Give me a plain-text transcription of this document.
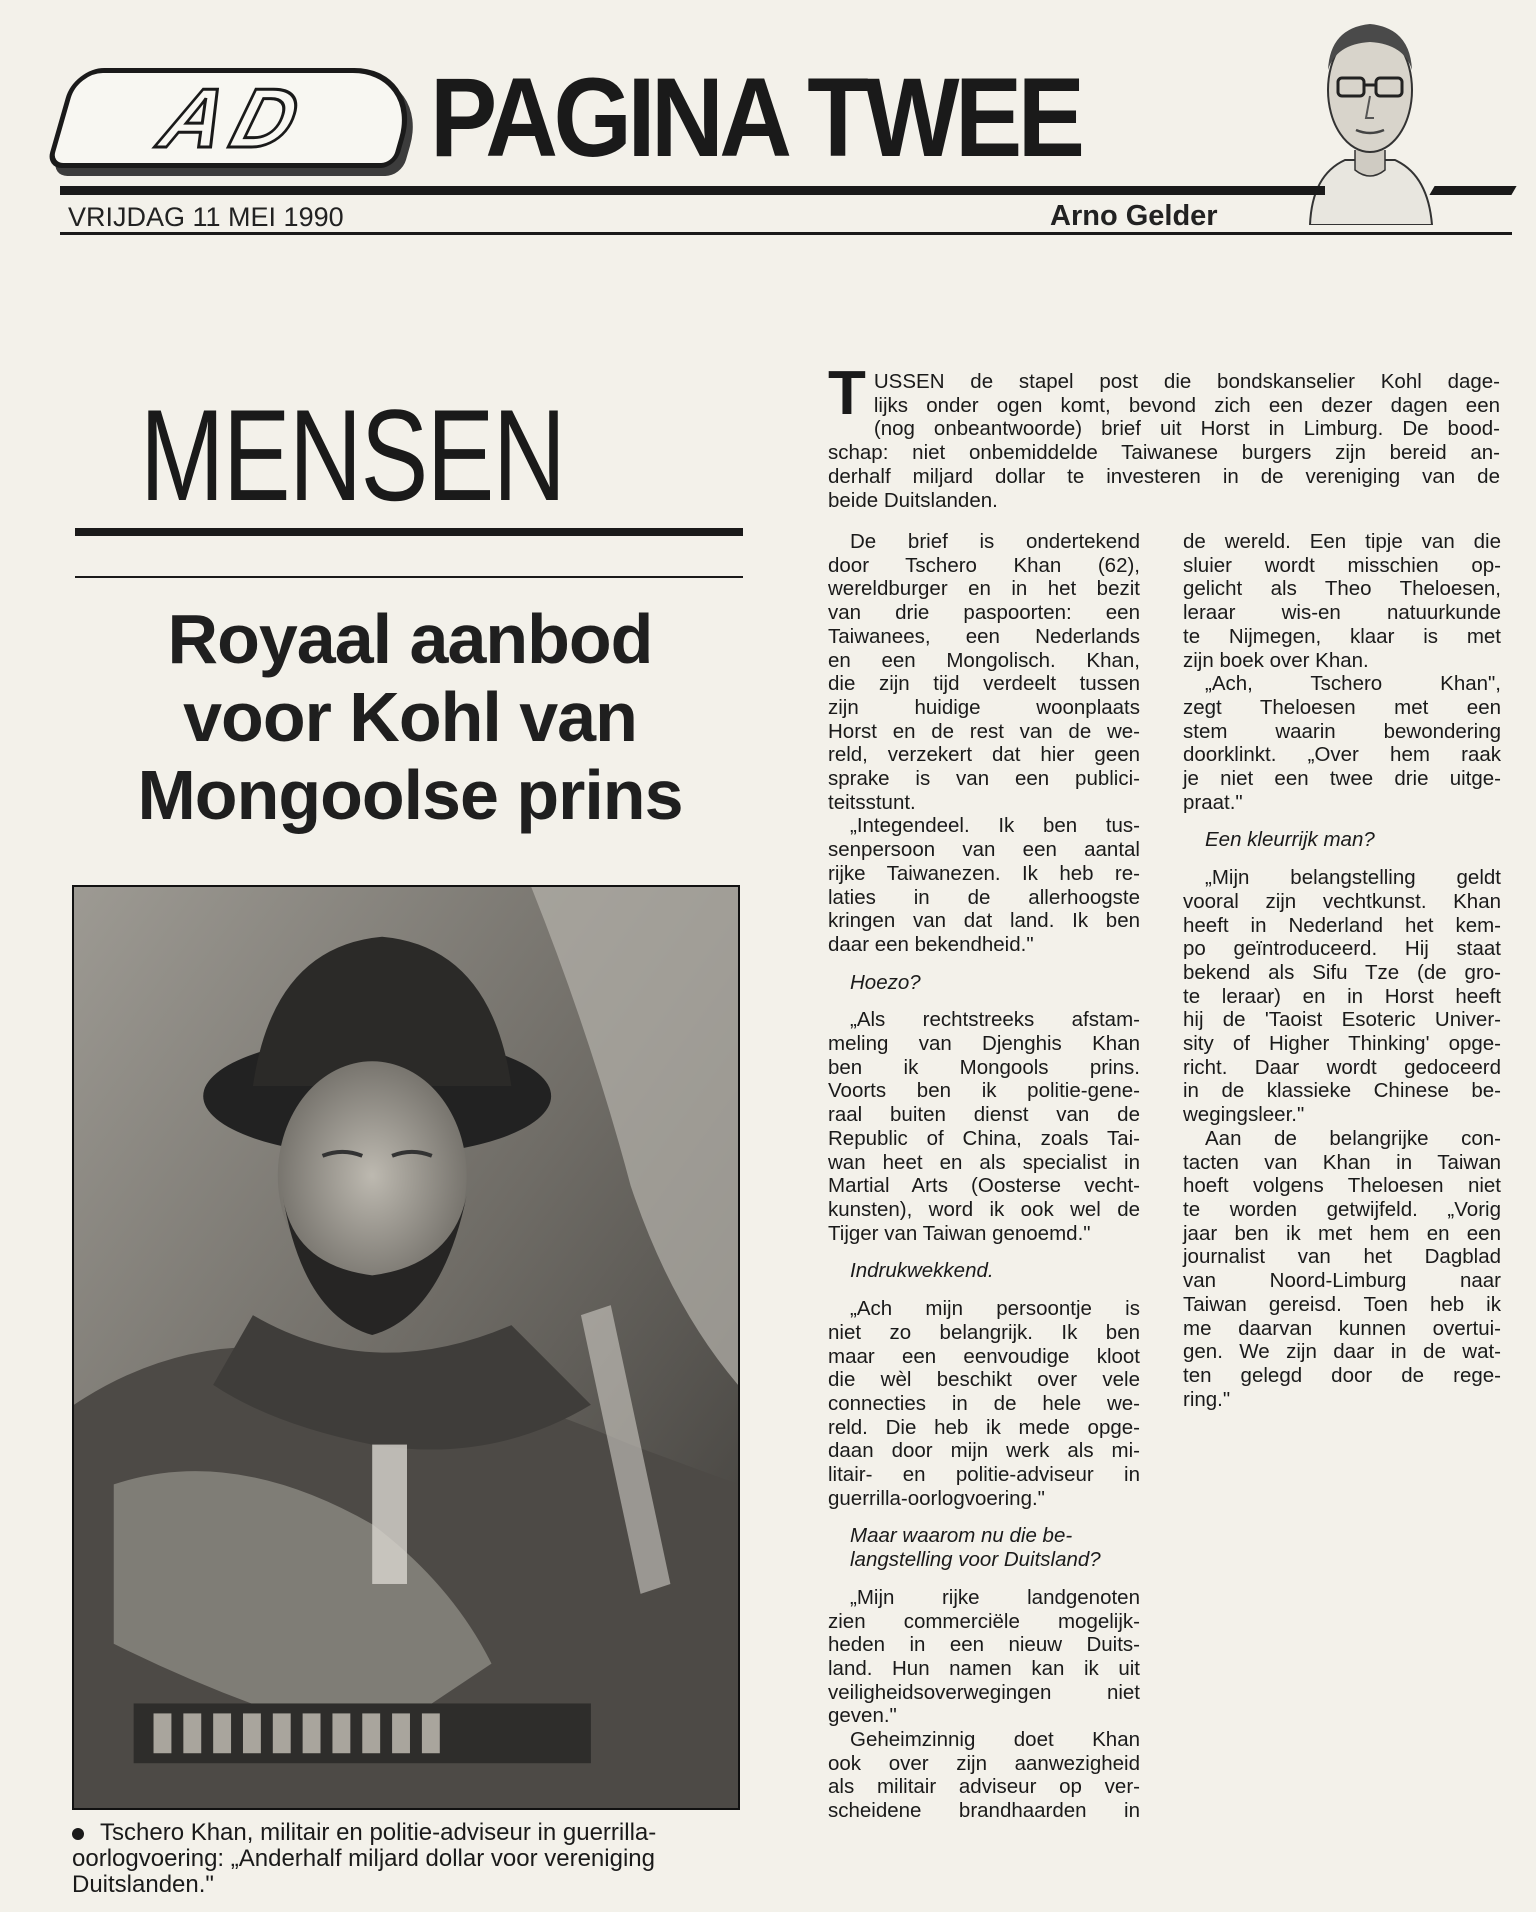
AD PAGINA TWEE
VRIJDAG 11 MEI 1990	Arno Gelder
MENSEN
Royaal aanbod
voor Kohl van
Mongoolse prins
Tschero Khan, militair en politie-adviseur in guerrilla-
oorlogvoering: „Anderhalf miljard dollar voor vereniging
Duitslanden."
T USSEN de stapel post die bondskanselier Kohl dage-
lijks onder ogen komt, bevond zich een dezer dagen een
(nog onbeantwoorde) brief uit Horst in Limburg. De bood-
schap: niet onbemiddelde Taiwanese burgers zijn bereid an-
derhalf miljard dollar te investeren in de vereniging van de
beide Duitslanden.
De brief is ondertekend
door Tschero Khan (62),
wereldburger en in het bezit
van drie paspoorten: een
Taiwanees, een Nederlands
en een Mongolisch. Khan,
die zijn tijd verdeelt tussen
zijn huidige woonplaats
Horst en de rest van de we-
reld, verzekert dat hier geen
sprake is van een publici-
teitsstunt.
„Integendeel. Ik ben tus-
senpersoon van een aantal
rijke Taiwanezen. Ik heb re-
laties in de allerhoogste
kringen van dat land. Ik ben
daar een bekendheid."
Hoezo?
„Als rechtstreeks afstam-
meling van Djenghis Khan
ben ik Mongools prins.
Voorts ben ik politie-gene-
raal buiten dienst van de
Republic of China, zoals Tai-
wan heet en als specialist in
Martial Arts (Oosterse vecht-
kunsten), word ik ook wel de
Tijger van Taiwan genoemd."
Indrukwekkend.
„Ach mijn persoontje is
niet zo belangrijk. Ik ben
maar een eenvoudige kloot
die wèl beschikt over vele
connecties in de hele we-
reld. Die heb ik mede opge-
daan door mijn werk als mi-
litair- en politie-adviseur in
guerrilla-oorlogvoering."
Maar waarom nu die be-
langstelling voor Duitsland?
„Mijn rijke landgenoten
zien commerciële mogelijk-
heden in een nieuw Duits-
land. Hun namen kan ik uit
veiligheidsoverwegingen niet
geven."
Geheimzinnig doet Khan
ook over zijn aanwezigheid
als militair adviseur op ver-
scheidene brandhaarden in
de wereld. Een tipje van die
sluier wordt misschien op-
gelicht als Theo Theloesen,
leraar wis-en natuurkunde
te Nijmegen, klaar is met
zijn boek over Khan.
„Ach, Tschero Khan",
zegt Theloesen met een
stem waarin bewondering
doorklinkt. „Over hem raak
je niet een twee drie uitge-
praat."
Een kleurrijk man?
„Mijn belangstelling geldt
vooral zijn vechtkunst. Khan
heeft in Nederland het kem-
po geïntroduceerd. Hij staat
bekend als Sifu Tze (de gro-
te leraar) en in Horst heeft
hij de 'Taoist Esoteric Univer-
sity of Higher Thinking' opge-
richt. Daar wordt gedoceerd
in de klassieke Chinese be-
wegingsleer."
Aan de belangrijke con-
tacten van Khan in Taiwan
hoeft volgens Theloesen niet
te worden getwijfeld. „Vorig
jaar ben ik met hem en een
journalist van het Dagblad
van Noord-Limburg naar
Taiwan gereisd. Toen heb ik
me daarvan kunnen overtui-
gen. We zijn daar in de wat-
ten gelegd door de rege-
ring."
